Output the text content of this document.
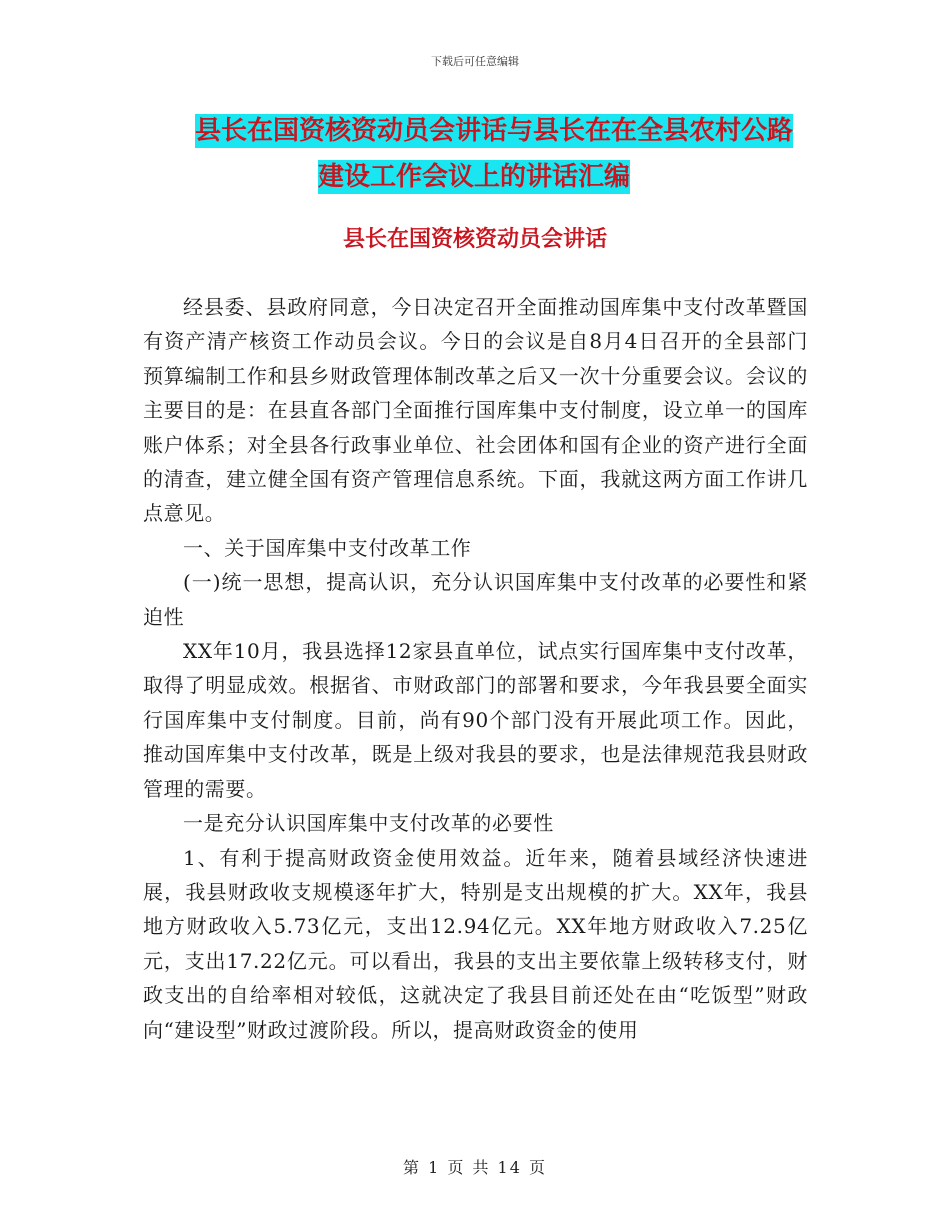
下载后可任意编辑
县长在国资核资动员会讲话与县长在在全县农村公路
建设工作会议上的讲话汇编
县长在国资核资动员会讲话

经县委、县政府同意，今日决定召开全面推动国库集中支付改革暨国有资产清产核资工作动员会议。今日的会议是自8月4日召开的全县部门预算编制工作和县乡财政管理体制改革之后又一次十分重要会议。会议的主要目的是：在县直各部门全面推行国库集中支付制度，设立单一的国库账户体系；对全县各行政事业单位、社会团体和国有企业的资产进行全面的清查，建立健全国有资产管理信息系统。下面，我就这两方面工作讲几点意见。

一、关于国库集中支付改革工作

(一)统一思想，提高认识，充分认识国库集中支付改革的必要性和紧迫性

XX年10月，我县选择12家县直单位，试点实行国库集中支付改革，取得了明显成效。根据省、市财政部门的部署和要求，今年我县要全面实行国库集中支付制度。目前，尚有90个部门没有开展此项工作。因此，推动国库集中支付改革，既是上级对我县的要求，也是法律规范我县财政管理的需要。

一是充分认识国库集中支付改革的必要性

1、有利于提高财政资金使用效益。近年来，随着县域经济快速进展，我县财政收支规模逐年扩大，特别是支出规模的扩大。XX年，我县地方财政收入5.73亿元，支出12.94亿元。XX年地方财政收入7.25亿元，支出17.22亿元。可以看出，我县的支出主要依靠上级转移支付，财政支出的自给率相对较低，这就决定了我县目前还处在由“吃饭型”财政向“建设型”财政过渡阶段。所以，提高财政资金的使用

第 1 页 共 14 页
